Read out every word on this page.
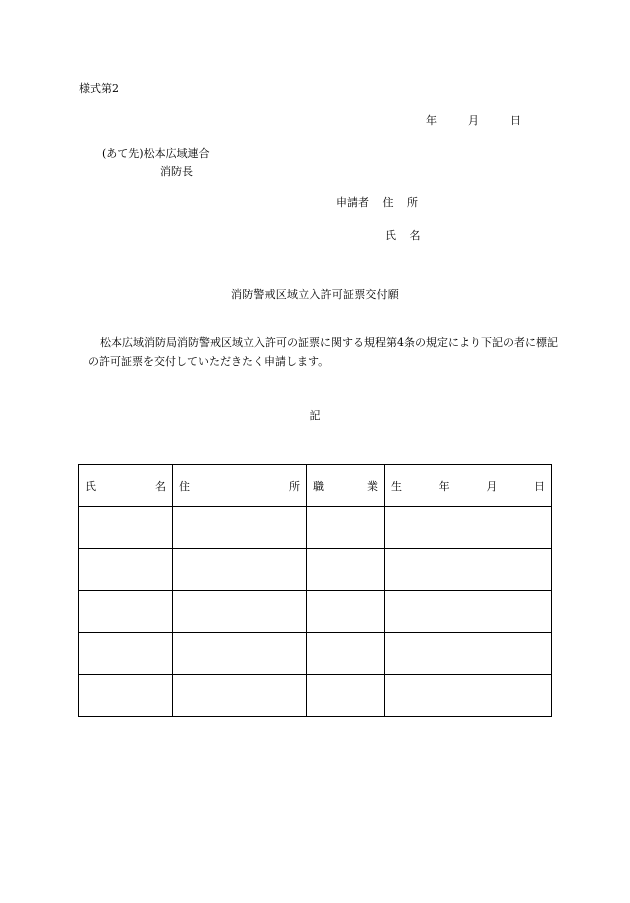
様式第2
年	月	日
(あて先)松本広域連合
消防長
申請者 住 所
氏 名
消防警戒区域立入許可証票交付願
松本広域消防局消防警戒区域立入許可の証票に関する規程第4条の規定により下記の者に標記の許可証票を交付していただきたく申請します。
記
氏 名	住 所	職 業	生 年 月 日
